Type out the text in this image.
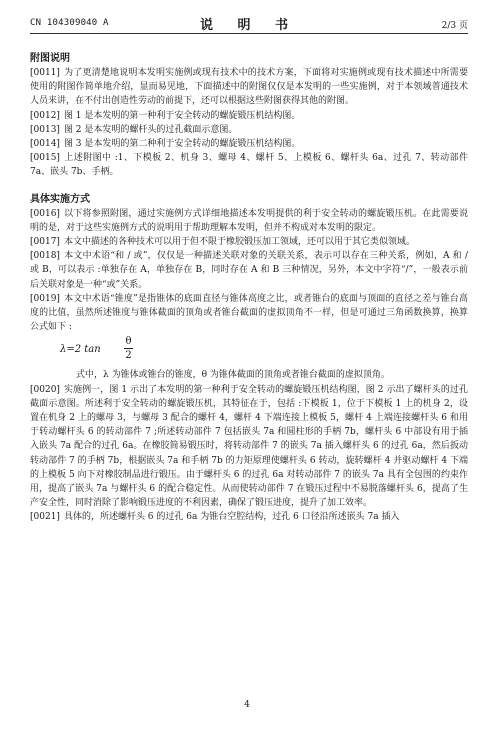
CN 104309040 A	说 明 书	2/3 页
附图说明

[0011] 为了更清楚地说明本发明实施例或现有技术中的技术方案，下面将对实施例或现有技术描述中所需要使用的附图作简单地介绍，显而易见地，下面描述中的附图仅仅是本发明的一些实施例，对于本领域普通技术人员来讲，在不付出创造性劳动的前提下，还可以根据这些附图获得其他的附图。

[0012] 图 1 是本发明的第一种利于安全转动的螺旋锻压机结构图。

[0013] 图 2 是本发明的螺杆头的过孔截面示意图。

[0014] 图 3 是本发明的第二种利于安全转动的螺旋锻压机结构图。

[0015] 上述附图中 :1、下模板 2、机身 3、螺母 4、螺杆 5、上模板 6、螺杆头 6a、过孔 7、转动部件 7a、嵌头 7b、手柄。

具体实施方式

[0016] 以下将参照附图，通过实施例方式详细地描述本发明提供的利于安全转动的螺旋锻压机。在此需要说明的是，对于这些实施例方式的说明用于帮助理解本发明，但并不构成对本发明的限定。

[0017] 本文中描述的各种技术可以用于但不限于橡胶锻压加工领域，还可以用于其它类似领域。

[0018] 本文中术语“和 / 或”，仅仅是一种描述关联对象的关联关系，表示可以存在三种关系，例如，A 和 / 或 B，可以表示 :单独存在 A，单独存在 B，同时存在 A 和 B 三种情况，另外，本文中字符“/”，一般表示前后关联对象是一种“或”关系。

[0019] 本文中术语“锥度”是指锥体的底面直径与锥体高度之比，或者锥台的底面与顶面的直径之差与锥台高度的比值，虽然所述锥度与锥体截面的顶角或者锥台截面的虚拟顶角不一样，但是可通过三角函数换算，换算公式如下 :

λ=2 tan
θ
2

式中，λ 为锥体或锥台的锥度，θ 为锥体截面的顶角或者锥台截面的虚拟顶角。

[0020] 实施例一，图 1 示出了本发明的第一种利于安全转动的螺旋锻压机结构图，图 2 示出了螺杆头的过孔截面示意图。所述利于安全转动的螺旋锻压机，其特征在于，包括 :下模板 1，位于下模板 1 上的机身 2，设置在机身 2 上的螺母 3，与螺母 3 配合的螺杆 4，螺杆 4 下端连接上模板 5，螺杆 4 上端连接螺杆头 6 和用于转动螺杆头 6 的转动部件 7 ;所述转动部件 7 包括嵌头 7a 和圆柱形的手柄 7b，螺杆头 6 中部设有用于插入嵌头 7a 配合的过孔 6a。在橡胶简易锻压时，将转动部件 7 的嵌头 7a 插入螺杆头 6 的过孔 6a，然后扳动转动部件 7 的手柄 7b，根据嵌头 7a 和手柄 7b 的力矩原理使螺杆头 6 转动，旋转螺杆 4 并驱动螺杆 4 下端的上模板 5 向下对橡胶制品进行锻压。由于螺杆头 6 的过孔 6a 对转动部件 7 的嵌头 7a 具有全包围的约束作用，提高了嵌头 7a 与螺杆头 6 的配合稳定性。从而使转动部件 7 在锻压过程中不易脱落螺杆头 6，提高了生产安全性，同时消除了影响锻压进度的不利因素，确保了锻压进度，提升了加工效率。

[0021] 具体的，所述螺杆头 6 的过孔 6a 为锥台空腔结构，过孔 6 口径沿所述嵌头 7a 插入

4
